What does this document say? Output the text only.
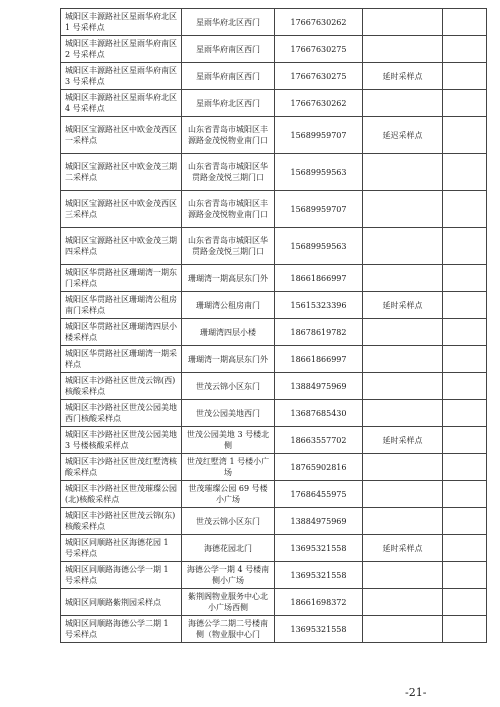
城阳区丰源路社区星雨华府北区 1 号采样点	星雨华府北区西门	17667630262		
城阳区丰源路社区星雨华府南区 2 号采样点	星雨华府南区西门	17667630275		
城阳区丰源路社区星雨华府南区 3 号采样点	星雨华府南区西门	17667630275	延时采样点	
城阳区丰源路社区星雨华府北区 4 号采样点	星雨华府北区西门	17667630262		
城阳区宝源路社区中欧金茂西区一采样点	山东省青岛市城阳区丰源路金茂悦物业南门口	15689959707	延迟采样点	
城阳区宝源路社区中欧金茂三期二采样点	山东省青岛市城阳区华贯路金茂悦三期门口	15689959563		
城阳区宝源路社区中欧金茂西区三采样点	山东省青岛市城阳区丰源路金茂悦物业南门口	15689959707		
城阳区宝源路社区中欧金茂三期四采样点	山东省青岛市城阳区华贯路金茂悦三期门口	15689959563		
城阳区华贯路社区珊瑚湾一期东门采样点	珊瑚湾一期高层东门外	18661866997		
城阳区华贯路社区珊瑚湾公租房南门采样点	珊瑚湾公租房南门	15615323396	延时采样点	
城阳区华贯路社区珊瑚湾四层小楼采样点	珊瑚湾四层小楼	18678619782		
城阳区华贯路社区珊瑚湾一期采样点	珊瑚湾一期高层东门外	18661866997		
城阳区丰沙路社区世茂云锦(西)核酸采样点	世茂云锦小区东门	13884975969		
城阳区丰沙路社区世茂公园美地西门核酸采样点	世茂公园美地西门	13687685430		
城阳区丰沙路社区世茂公园美地 3 号楼核酸采样点	世茂公园美地 3 号楼北侧	18663557702	延时采样点	
城阳区丰沙路社区世茂红墅湾核酸采样点	世茂红墅湾 1 号楼小广场	18765902816		
城阳区丰沙路社区世茂璀璨公园(北)核酸采样点	世茂璀璨公园 69 号楼小广场	17686455975		
城阳区丰沙路社区世茂云锦(东)核酸采样点	世茂云锦小区东门	13884975969		
城阳区同顺路社区海德花园 1 号采样点	海德花园北门	13695321558	延时采样点	
城阳区同顺路海德公学一期 1 号采样点	海德公学一期 4 号楼南侧小广场	13695321558		
城阳区同顺路紫荆园采样点	紫荆阁物业服务中心北小广场西侧	18661698372		
城阳区同顺路海德公学二期 1 号采样点	海德公学二期二号楼南侧（物业服中心门	13695321558		
-21-
